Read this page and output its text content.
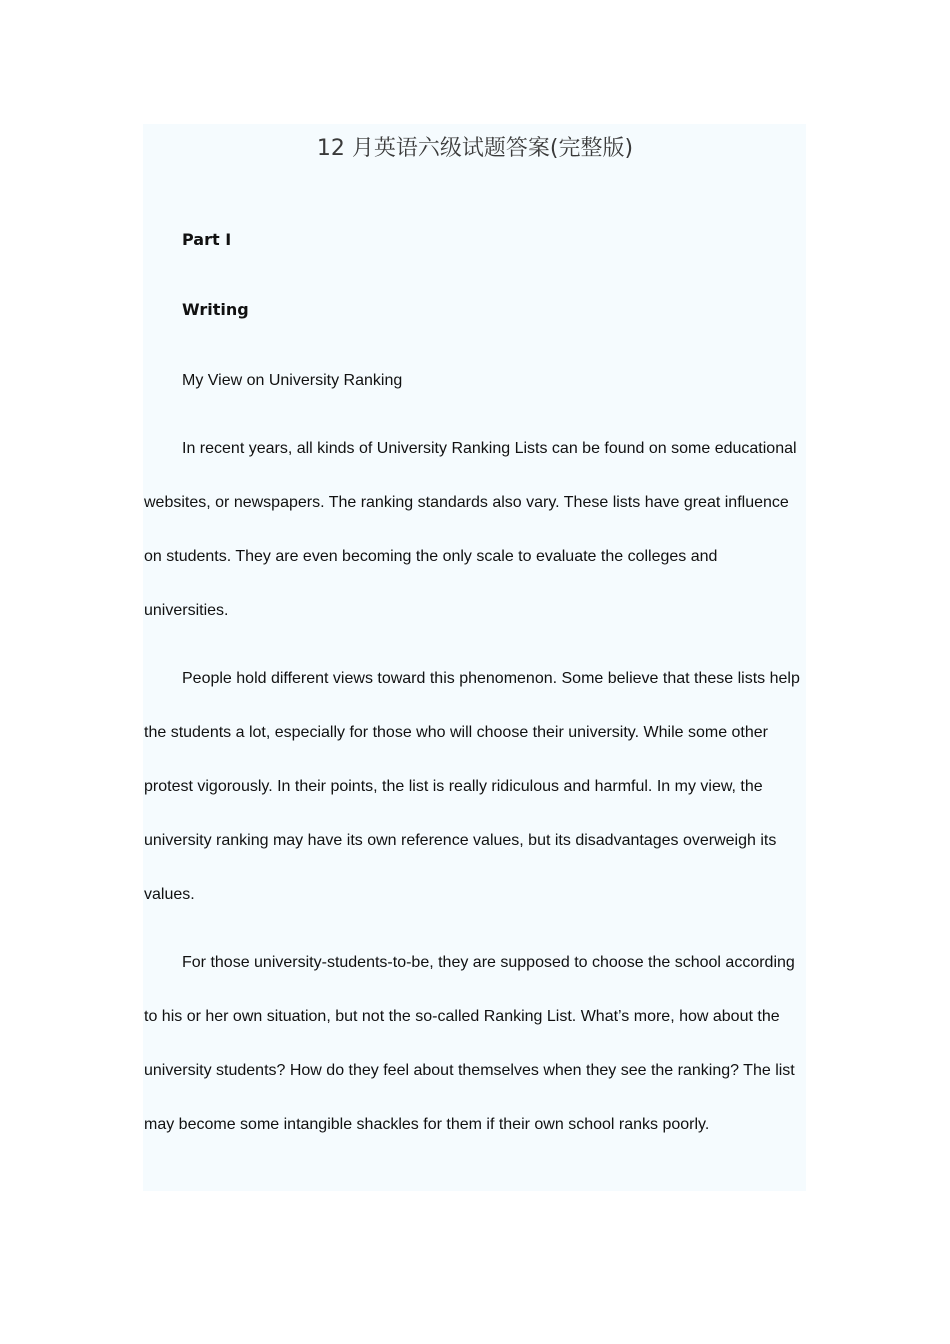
12 月英语六级试题答案(完整版)
Part Ⅰ
Writing
My View on University Ranking

In recent years, all kinds of University Ranking Lists can be found on some educational websites, or newspapers. The ranking standards also vary. These lists have great influence on students. They are even becoming the only scale to evaluate the colleges and universities.

People hold different views toward this phenomenon. Some believe that these lists help the students a lot, especially for those who will choose their university. While some other protest vigorously. In their points, the list is really ridiculous and harmful. In my view, the university ranking may have its own reference values, but its disadvantages overweigh its values.

For those university-students-to-be, they are supposed to choose the school according to his or her own situation, but not the so-called Ranking List. What’s more, how about the university students? How do they feel about themselves when they see the ranking? The list may become some intangible shackles for them if their own school ranks poorly.
